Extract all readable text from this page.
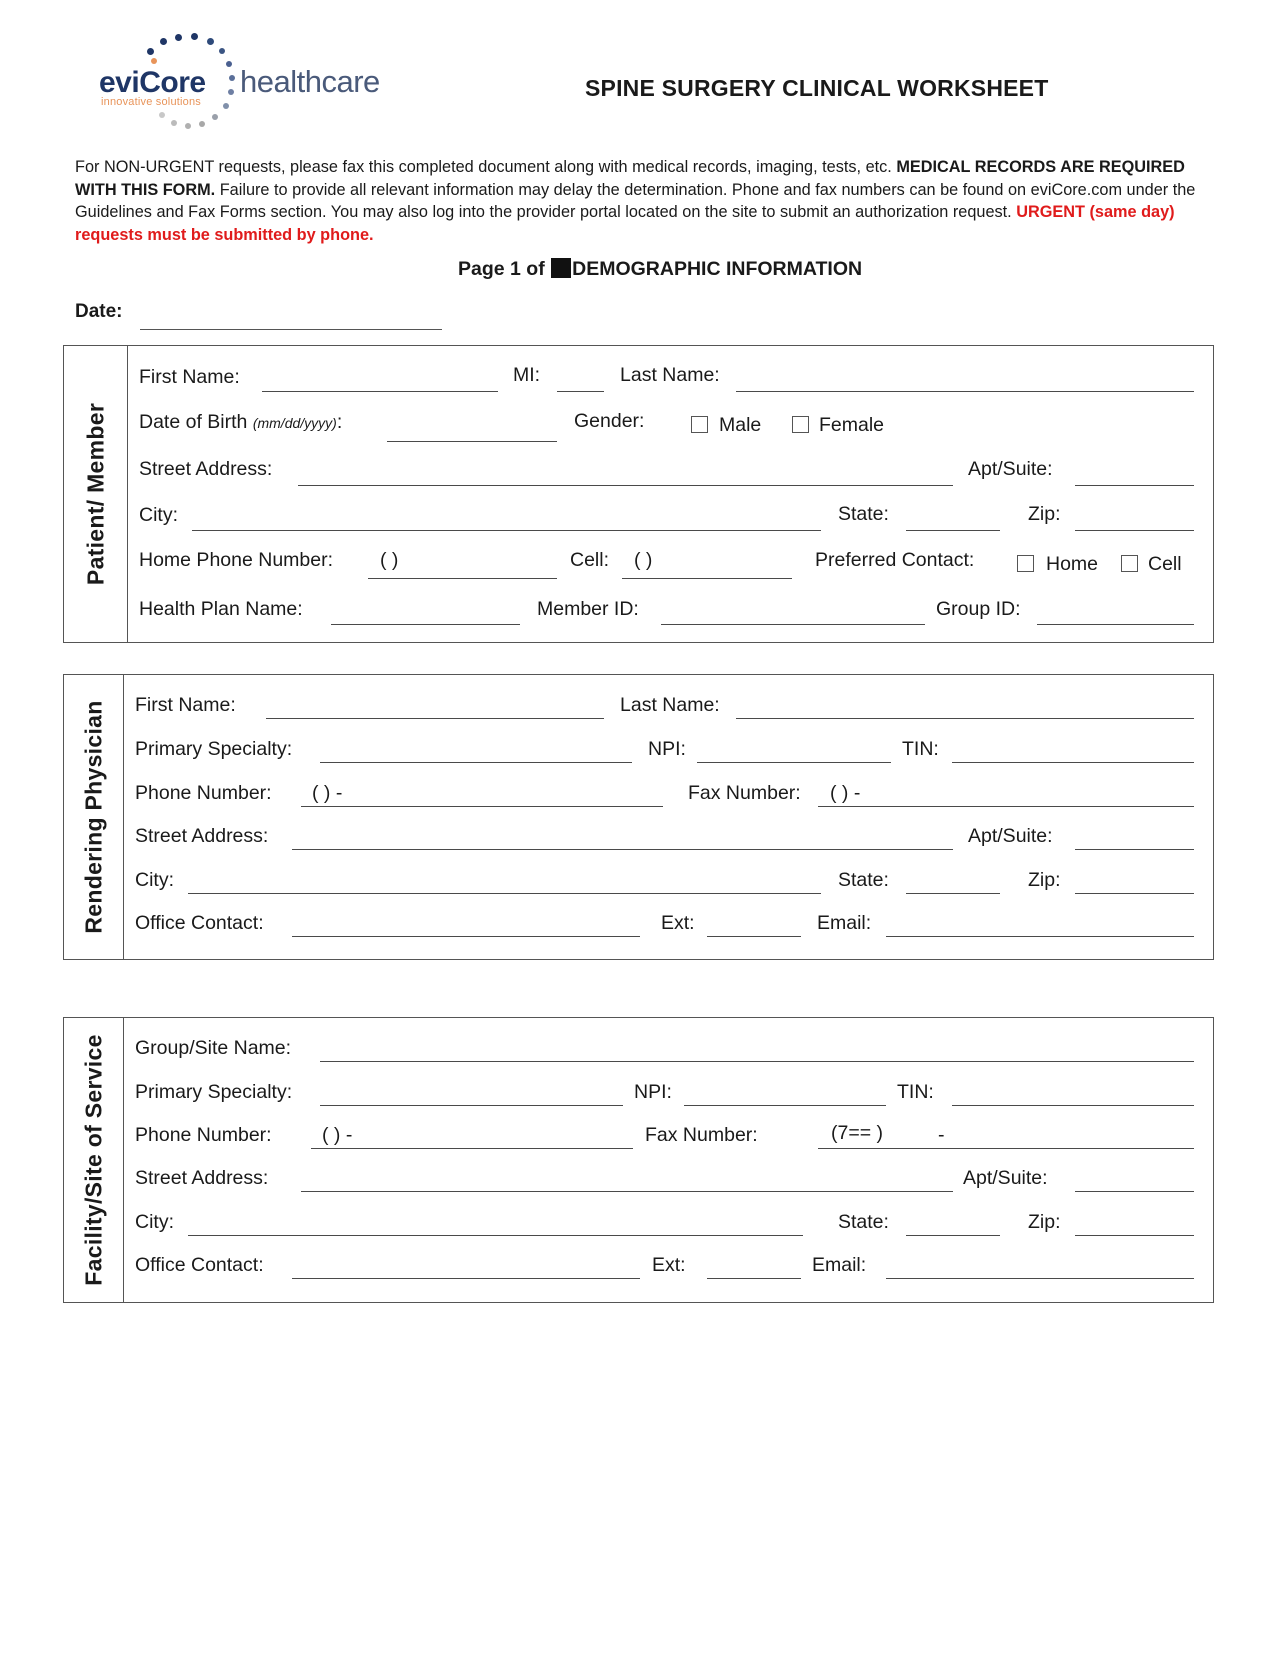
eviCore
innovative solutions
healthcare	SPINE SURGERY CLINICAL WORKSHEET
For NON-URGENT requests, please fax this completed document along with medical records, imaging, tests, etc. MEDICAL RECORDS ARE REQUIRED WITH THIS FORM. Failure to provide all relevant information may delay the determination. Phone and fax numbers can be found on eviCore.com under the Guidelines and Fax Forms section. You may also log into the provider portal located on the site to submit an authorization request. URGENT (same day) requests must be submitted by phone.
Page 1 of DEMOGRAPHIC INFORMATION
Date:
Patient/ Member
First Name:	MI:	Last Name:
Date of Birth (mm/dd/yyyy):	Gender:	Male	Female
Street Address:	Apt/Suite:
City:	State:	Zip:
Home Phone Number: ( )	Cell: ( )	Preferred Contact:	Home	Cell
Health Plan Name:	Member ID:	Group ID:
Rendering Physician First Name:	Last Name:
Primary Specialty:	NPI:	TIN:
Phone Number: ( ) -	Fax Number: ( ) -
Street Address:	Apt/Suite:
City:	State:	Zip:
Office Contact:	Ext:	Email:
Facility/Site of Service Group/Site Name:
Primary Specialty:	NPI:	TIN:
Phone Number:	( ) -	Fax Number:	(7== )	-
Street Address:	Apt/Suite:
City:	State:	Zip:
Office Contact:	Ext:	Email:
